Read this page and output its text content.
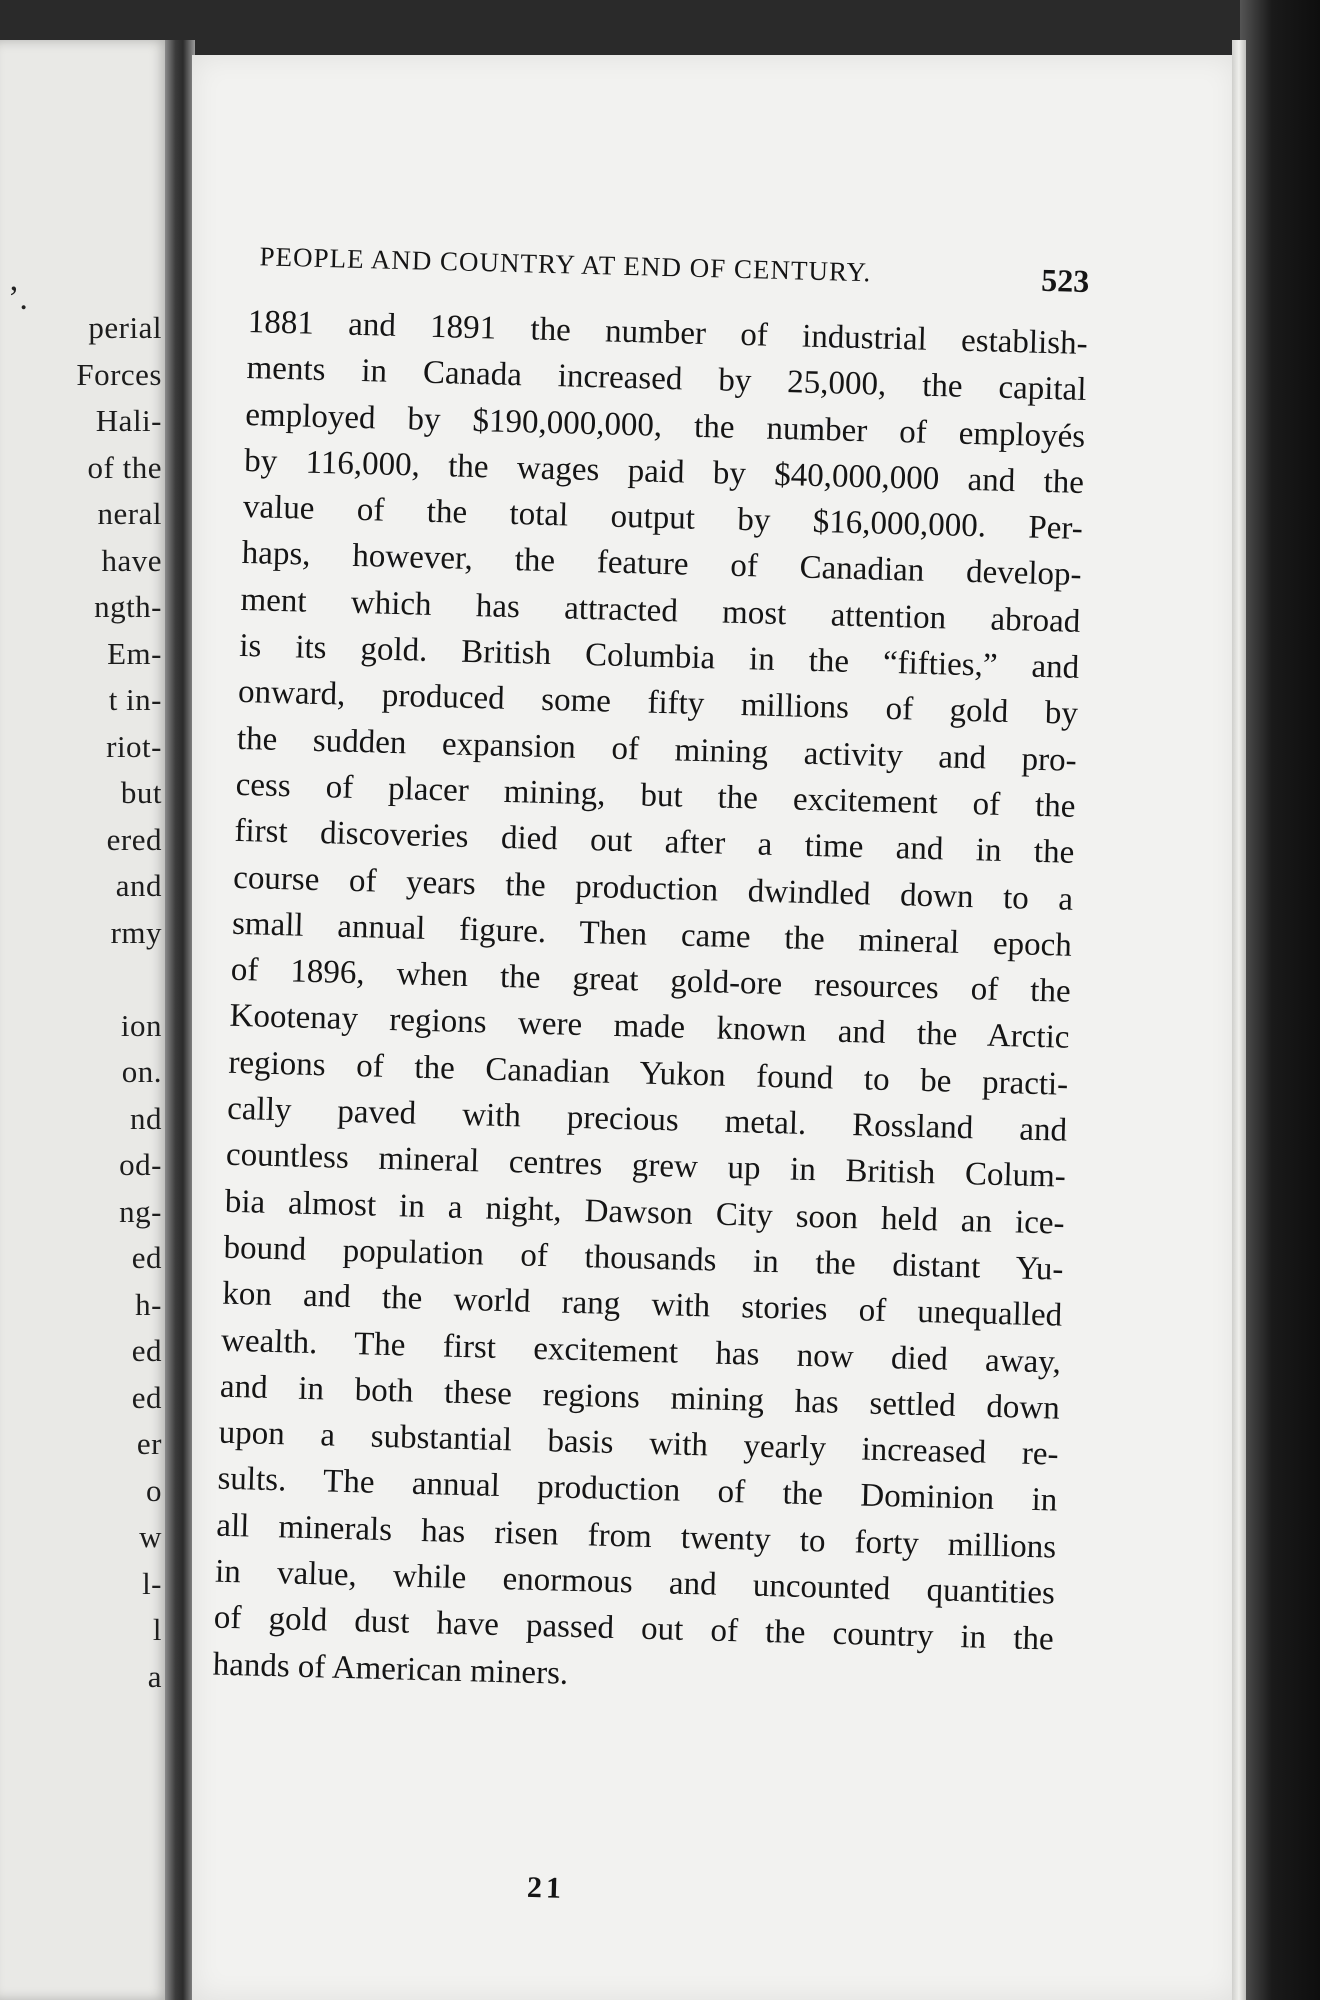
ʼ.
perial
Forces
Hali-
of the
neral
have
ngth-
Em-
t in-
riot-
but
ered
and
rmy
ion
on.
nd
od-
ng-
ed
h-
ed
ed
er
o
w
l-
l
a
PEOPLE AND COUNTRY AT END OF CENTURY.	523
1881 and 1891 the number of industrial establish-
ments in Canada increased by 25,000, the capital
employed by $190,000,000, the number of employés
by 116,000, the wages paid by $40,000,000 and the
value of the total output by $16,000,000. Per-
haps, however, the feature of Canadian develop-
ment which has attracted most attention abroad
is its gold. British Columbia in the “fifties,” and
onward, produced some fifty millions of gold by
the sudden expansion of mining activity and pro-
cess of placer mining, but the excitement of the
first discoveries died out after a time and in the
course of years the production dwindled down to a
small annual figure. Then came the mineral epoch
of 1896, when the great gold-ore resources of the
Kootenay regions were made known and the Arctic
regions of the Canadian Yukon found to be practi-
cally paved with precious metal. Rossland and
countless mineral centres grew up in British Colum-
bia almost in a night, Dawson City soon held an ice-
bound population of thousands in the distant Yu-
kon and the world rang with stories of unequalled
wealth. The first excitement has now died away,
and in both these regions mining has settled down
upon a substantial basis with yearly increased re-
sults. The annual production of the Dominion in
all minerals has risen from twenty to forty millions
in value, while enormous and uncounted quantities
of gold dust have passed out of the country in the
hands of American miners.
21
